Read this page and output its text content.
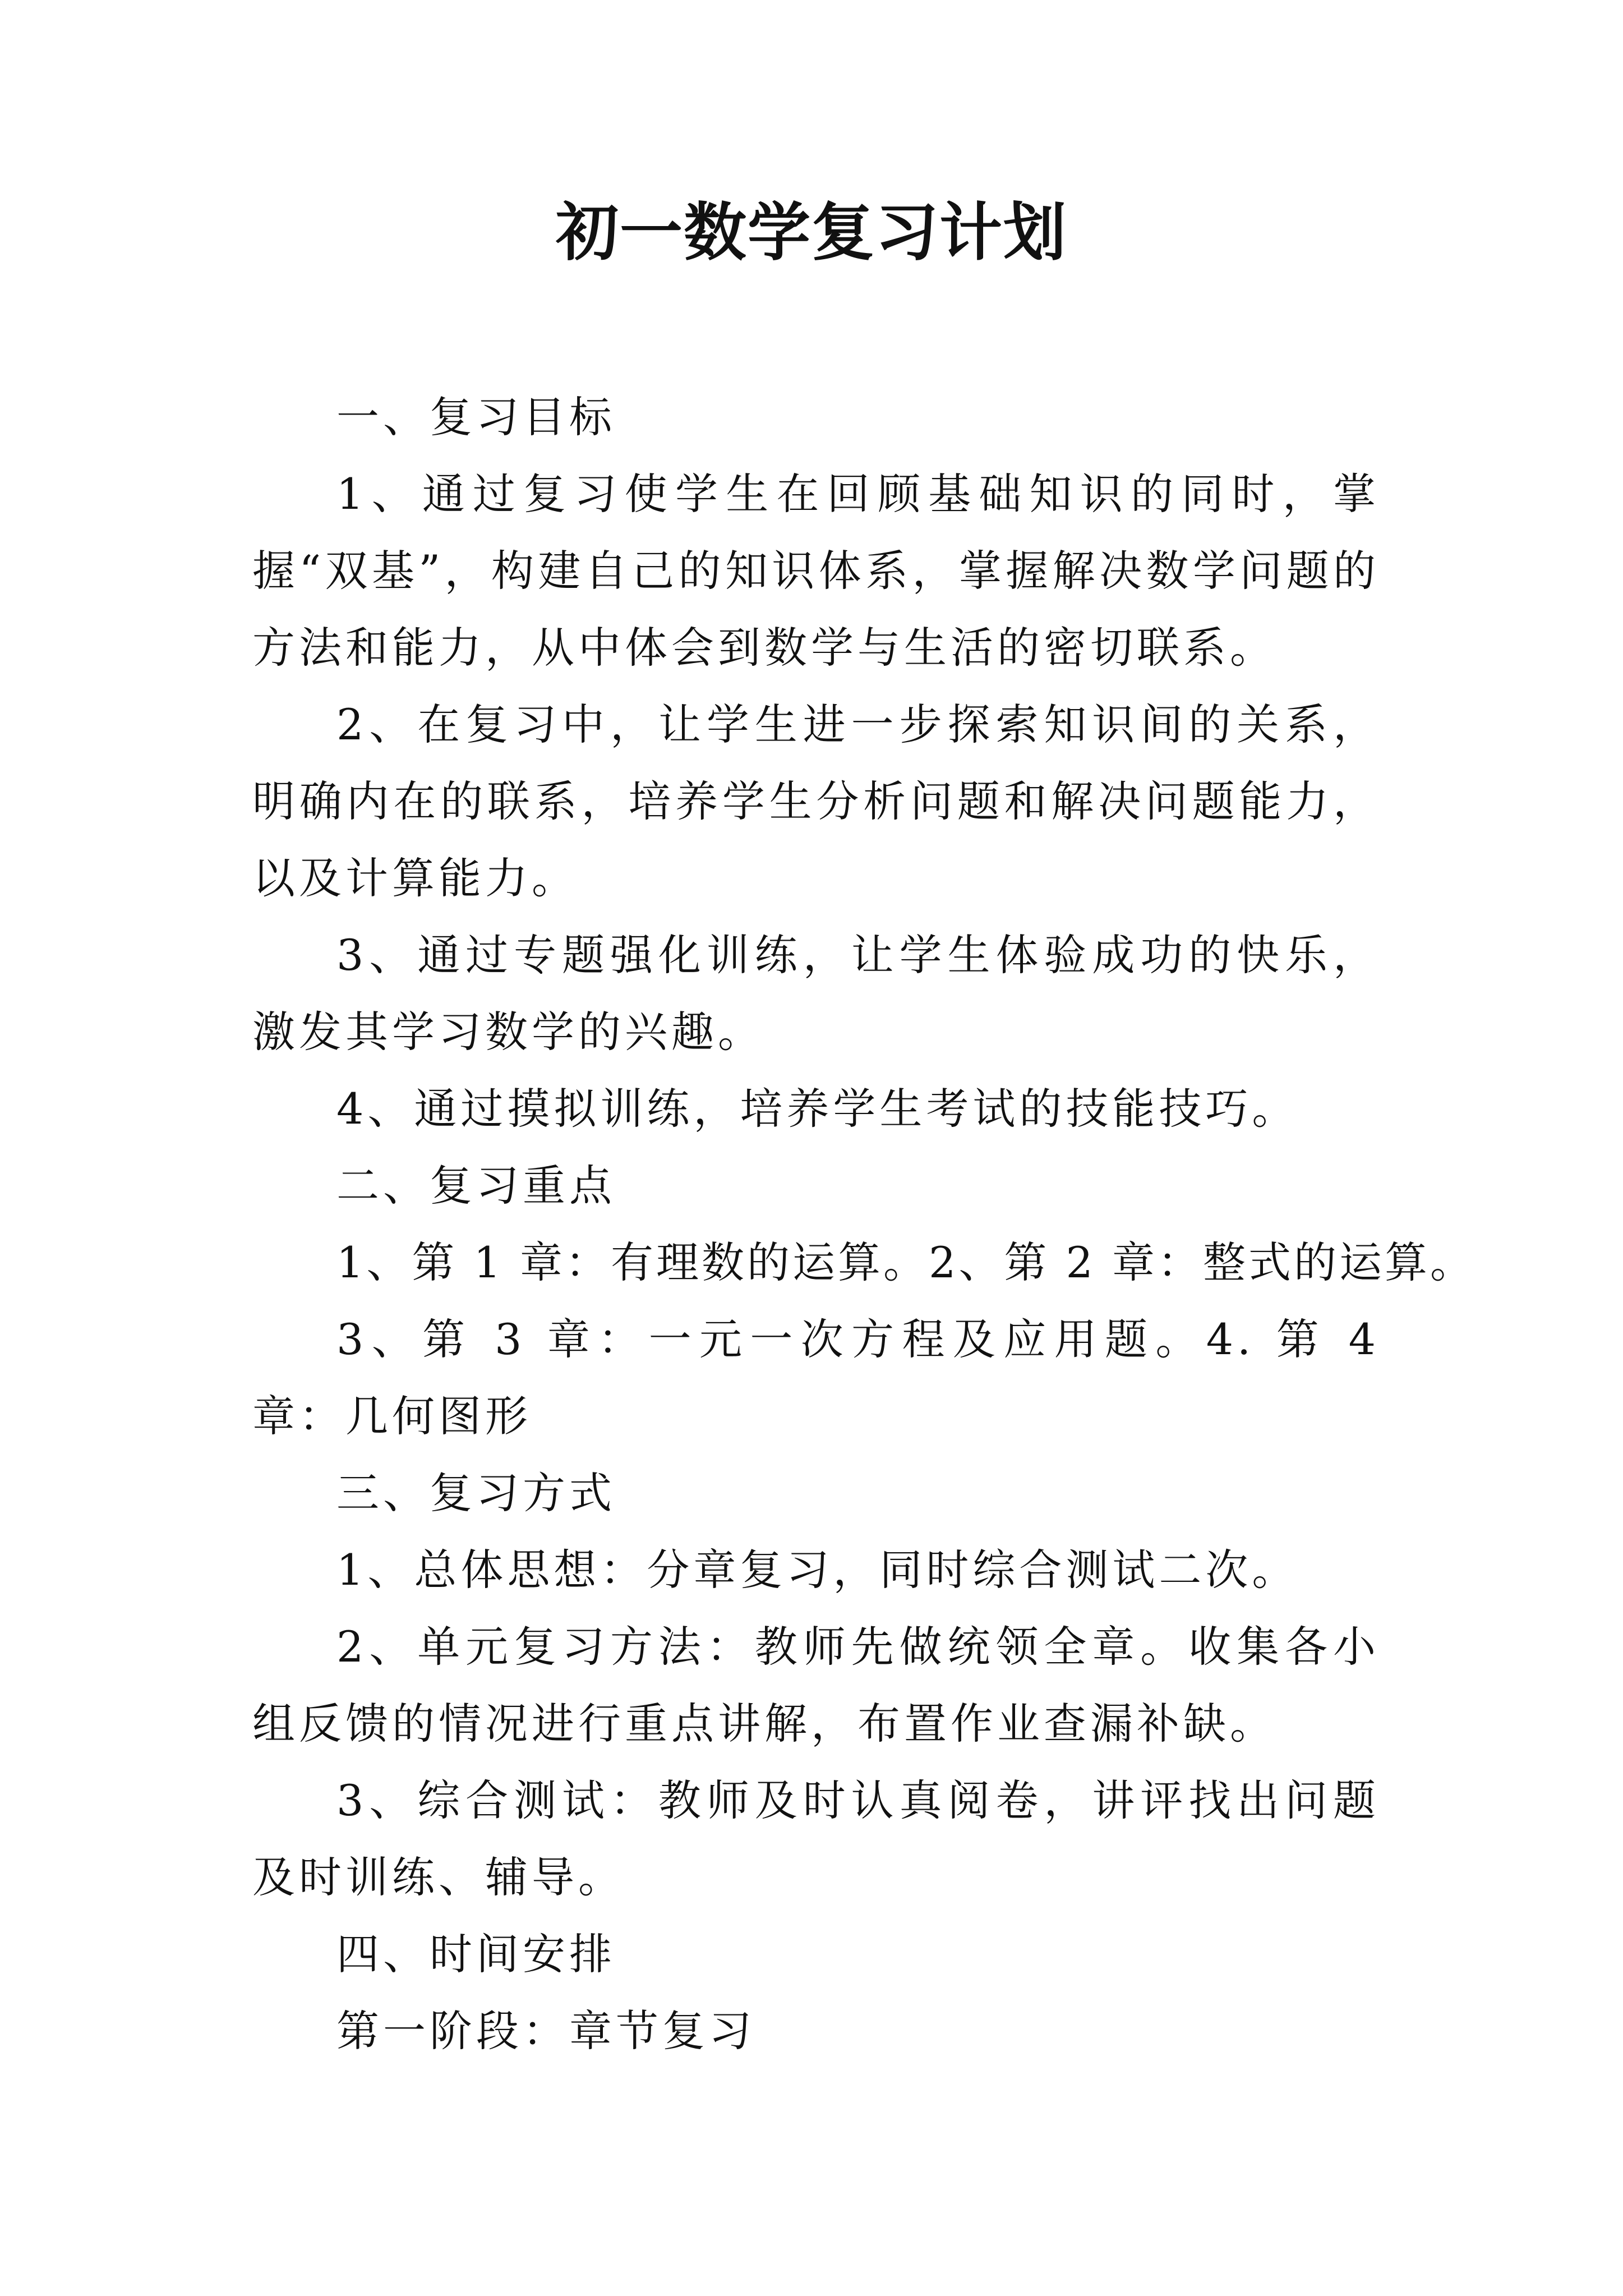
初一数学复习计划

一、复习目标

1、通过复习使学生在回顾基础知识的同时，掌握“双基”，构建自己的知识体系，掌握解决数学问题的方法和能力，从中体会到数学与生活的密切联系。

2、在复习中，让学生进一步探索知识间的关系，明确内在的联系，培养学生分析问题和解决问题能力，以及计算能力。

3、通过专题强化训练，让学生体验成功的快乐，激发其学习数学的兴趣。

4、通过摸拟训练，培养学生考试的技能技巧。

二、复习重点

1、第 1 章：有理数的运算。2、第 2 章：整式的运算。

3、第 3 章：一元一次方程及应用题。4. 第 4 章：几何图形

三、复习方式

1、总体思想：分章复习，同时综合测试二次。

2、单元复习方法：教师先做统领全章。收集各小组反馈的情况进行重点讲解，布置作业查漏补缺。

3、综合测试：教师及时认真阅卷，讲评找出问题及时训练、辅导。

四、时间安排

第一阶段：章节复习
